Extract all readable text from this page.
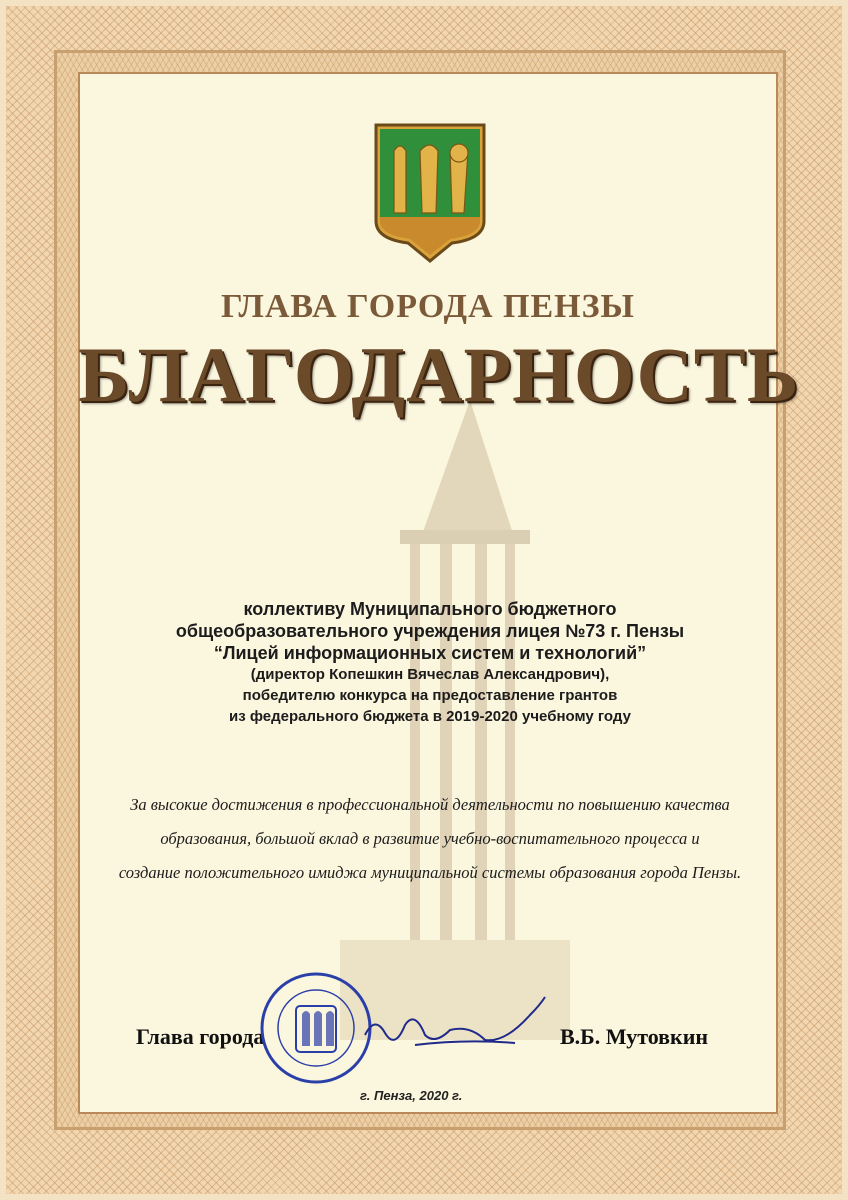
ГЛАВА ГОРОДА ПЕНЗЫ
БЛАГОДАРНОСТЬ
коллективу Муниципального бюджетного
общеобразовательного учреждения лицея №73 г. Пензы
“Лицей информационных систем и технологий”
(директор Копешкин Вячеслав Александрович),
победителю конкурса на предоставление грантов
из федерального бюджета в 2019-2020 учебному году
За высокие достижения в профессиональной деятельности по повышению качества
образования, большой вклад в развитие учебно-воспитательного процесса и
создание положительного имиджа муниципальной системы образования города Пензы.
Глава города	В.Б. Мутовкин
г. Пенза, 2020 г.
